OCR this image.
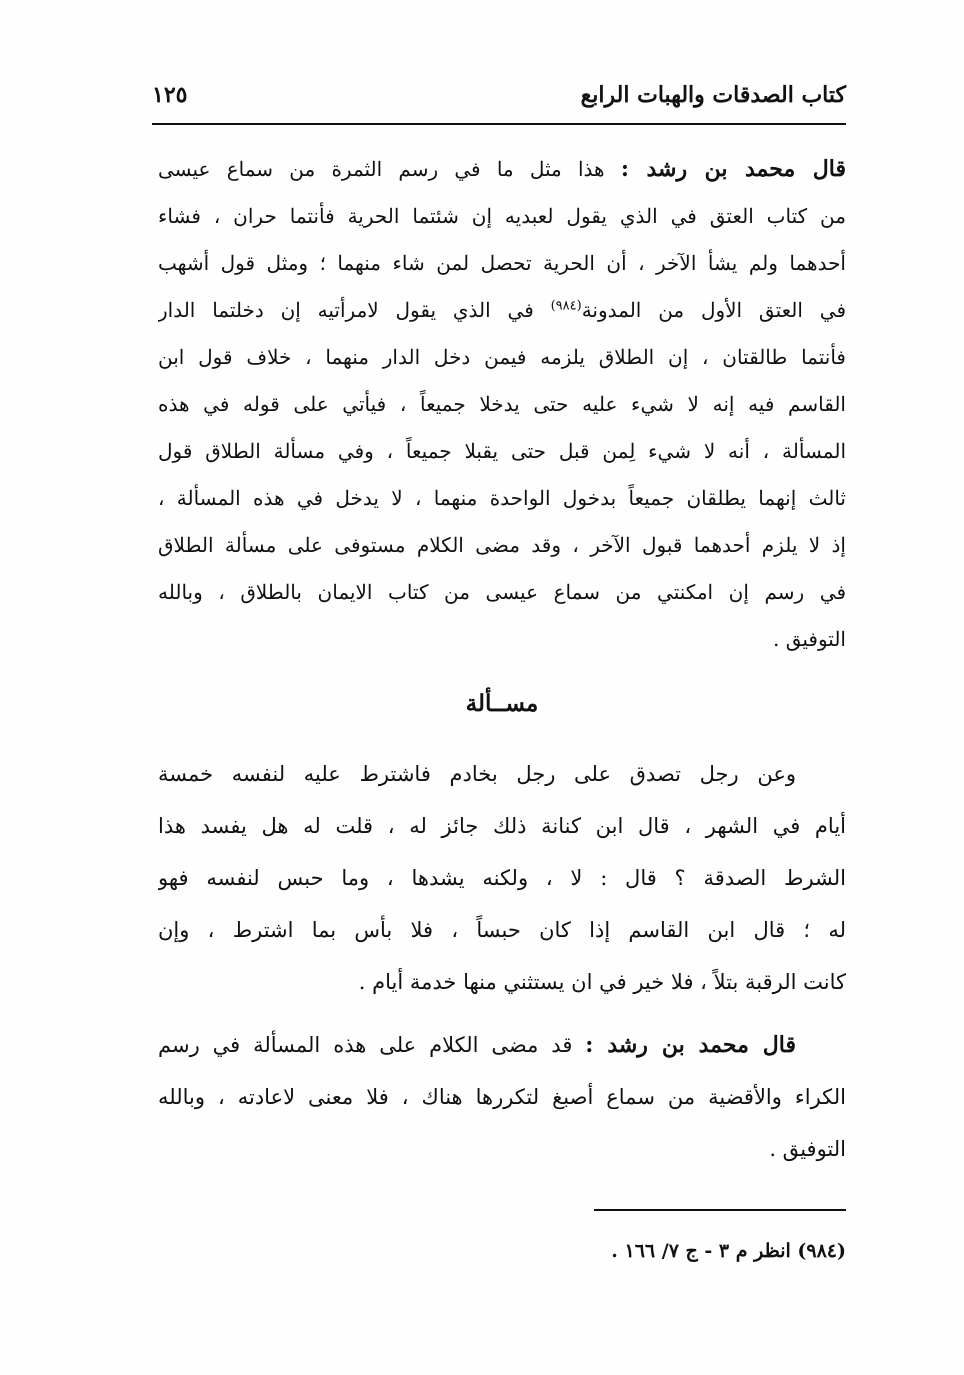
كتاب الصدقات والهبات الرابع
١٢٥
قال محمد بن رشد : هذا مثل ما في رسم الثمرة من سماع عيسى
من كتاب العتق في الذي يقول لعبديه إن شئتما الحرية فأنتما حران ، فشاء
أحدهما ولم يشأ الآخر ، أن الحرية تحصل لمن شاء منهما ؛ ومثل قول أشهب
في العتق الأول من المدونة$^{(٩٨٤)}$ في الذي يقول لامرأتيه إن دخلتما الدار
فأنتما طالقتان ، إن الطلاق يلزمه فيمن دخل الدار منهما ، خلاف قول ابن
القاسم فيه إنه لا شيء عليه حتى يدخلا جميعاً ، فيأتي على قوله في هذه
المسألة ، أنه لا شيء لِمن قبل حتى يقبلا جميعاً ، وفي مسألة الطلاق قول
ثالث إنهما يطلقان جميعاً بدخول الواحدة منهما ، لا يدخل في هذه المسألة ،
إذ لا يلزم أحدهما قبول الآخر ، وقد مضى الكلام مستوفى على مسألة الطلاق
في رسم إن امكنتي من سماع عيسى من كتاب الايمان بالطلاق ، وبالله
التوفيق .
مســألة
وعن رجل تصدق على رجل بخادم فاشترط عليه لنفسه خمسة
أيام في الشهر ، قال ابن كنانة ذلك جائز له ، قلت له هل يفسد هذا
الشرط الصدقة ؟ قال : لا ، ولكنه يشدها ، وما حبس لنفسه فهو
له ؛ قال ابن القاسم إذا كان حبساً ، فلا بأس بما اشترط ، وإن
كانت الرقبة بتلاً ، فلا خير في ان يستثني منها خدمة أيام .
قال محمد بن رشد : قد مضى الكلام على هذه المسألة في رسم
الكراء والأقضية من سماع أصبغ لتكررها هناك ، فلا معنى لاعادته ، وبالله
التوفيق .
(٩٨٤) انظر م ٣ - ج ٧/ ١٦٦ .
